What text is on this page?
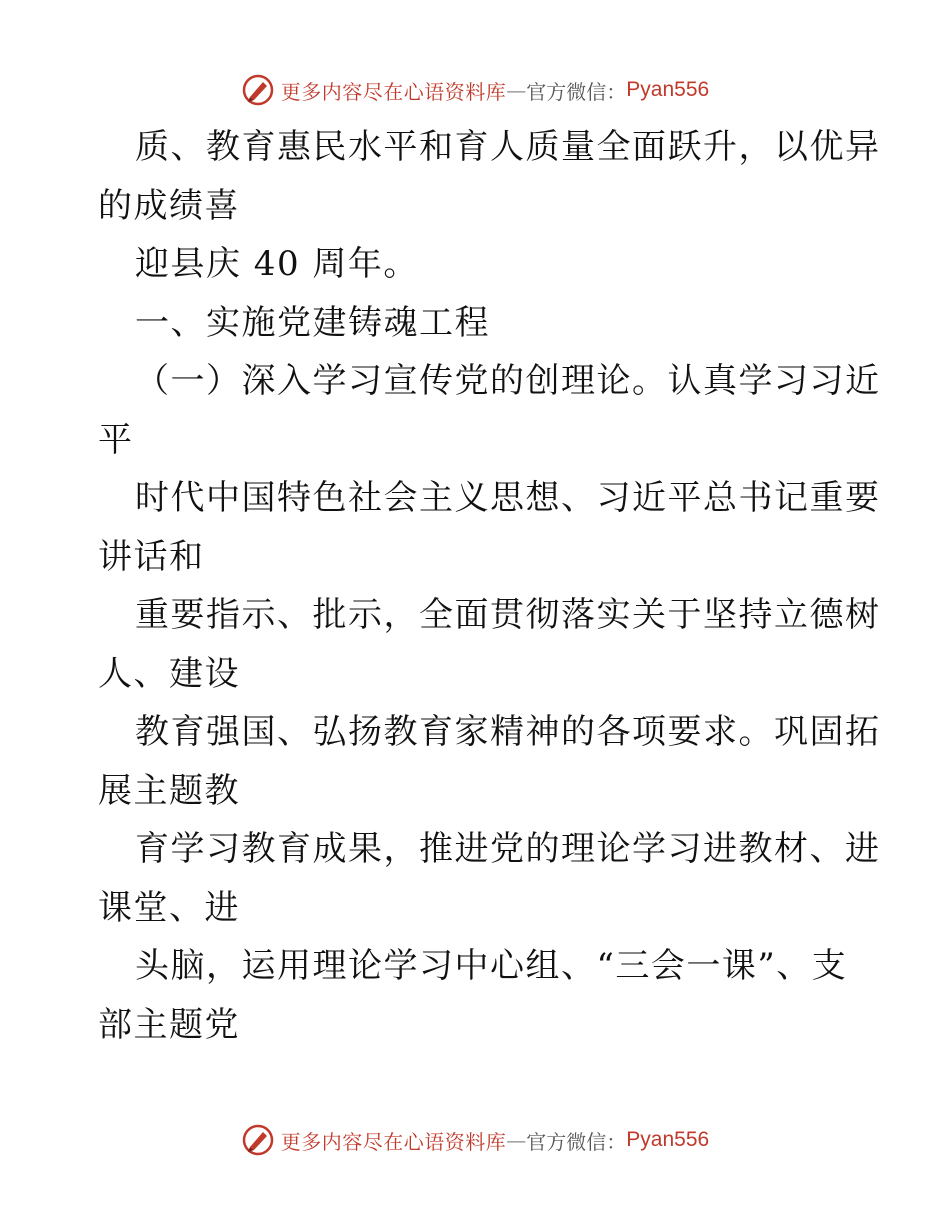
更多内容尽在心语资料库 — 官方微信： Pyan556
质、教育惠民水平和育人质量全面跃升，以优异
的成绩喜
迎县庆 40 周年。
一、实施党建铸魂工程
（一）深入学习宣传党的创理论。认真学习习近
平
时代中国特色社会主义思想、习近平总书记重要
讲话和
重要指示、批示，全面贯彻落实关于坚持立德树
人、建设
教育强国、弘扬教育家精神的各项要求。巩固拓
展主题教
育学习教育成果，推进党的理论学习进教材、进
课堂、进
头脑，运用理论学习中心组、“三会一课”、支
部主题党
更多内容尽在心语资料库 — 官方微信： Pyan556
